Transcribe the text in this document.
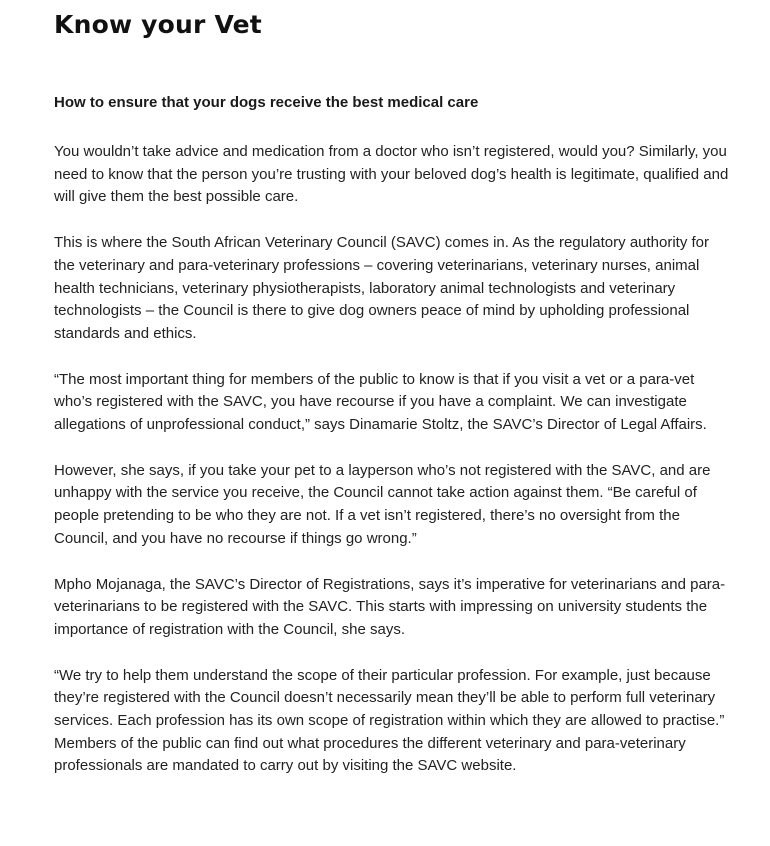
Know your Vet
How to ensure that your dogs receive the best medical care

You wouldn’t take advice and medication from a doctor who isn’t registered, would you? Similarly, you need to know that the person you’re trusting with your beloved dog’s health is legitimate, qualified and will give them the best possible care.

This is where the South African Veterinary Council (SAVC) comes in. As the regulatory authority for the veterinary and para-veterinary professions – covering veterinarians, veterinary nurses, animal health technicians, veterinary physiotherapists, laboratory animal technologists and veterinary technologists – the Council is there to give dog owners peace of mind by upholding professional standards and ethics.

“The most important thing for members of the public to know is that if you visit a vet or a para-vet who’s registered with the SAVC, you have recourse if you have a complaint. We can investigate allegations of unprofessional conduct,” says Dinamarie Stoltz, the SAVC’s Director of Legal Affairs.

However, she says, if you take your pet to a layperson who’s not registered with the SAVC, and are unhappy with the service you receive, the Council cannot take action against them. “Be careful of people pretending to be who they are not. If a vet isn’t registered, there’s no oversight from the Council, and you have no recourse if things go wrong.”

Mpho Mojanaga, the SAVC’s Director of Registrations, says it’s imperative for veterinarians and para-veterinarians to be registered with the SAVC. This starts with impressing on university students the importance of registration with the Council, she says.

“We try to help them understand the scope of their particular profession. For example, just because they’re registered with the Council doesn’t necessarily mean they’ll be able to perform full veterinary services. Each profession has its own scope of registration within which they are allowed to practise.” Members of the public can find out what procedures the different veterinary and para-veterinary professionals are mandated to carry out by visiting the SAVC website.
